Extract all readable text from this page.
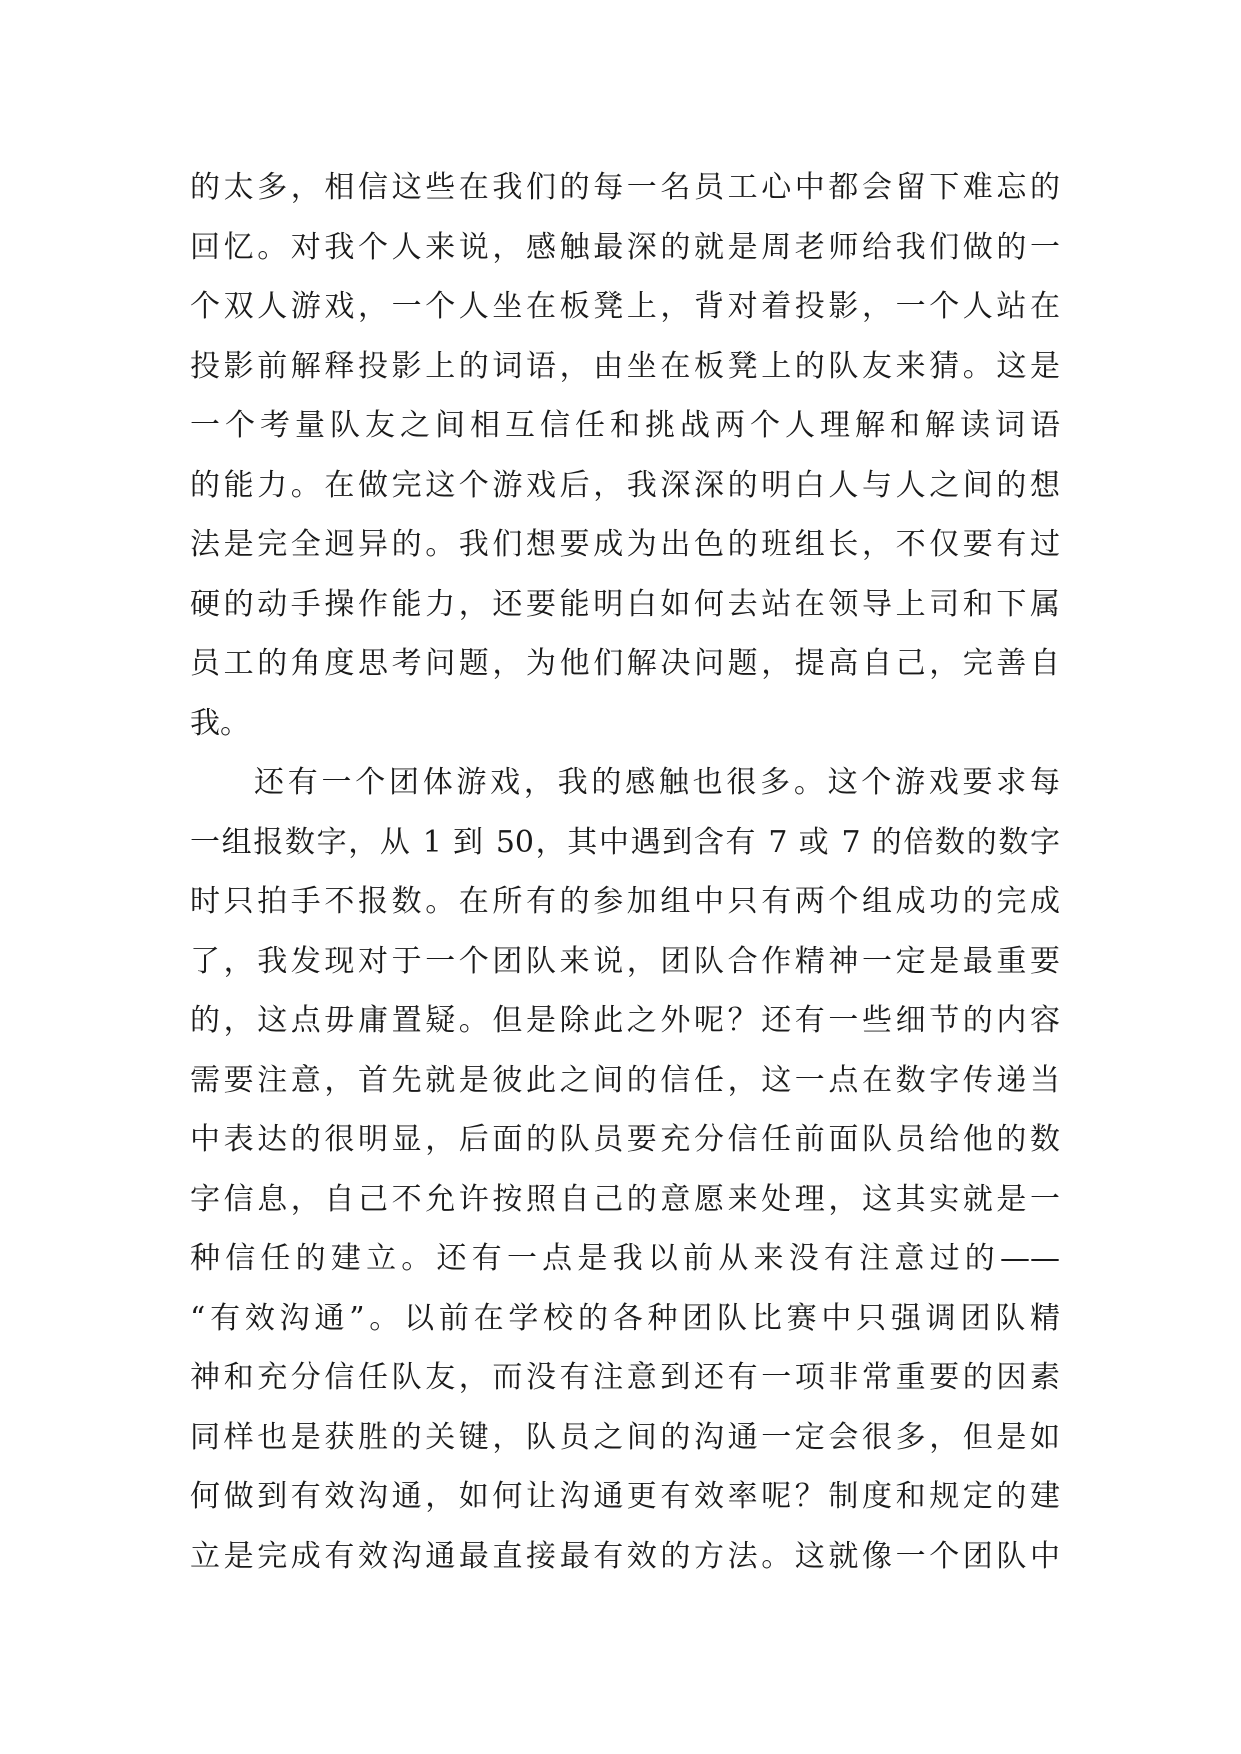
的太多，相信这些在我们的每一名员工心中都会留下难忘的
回忆。对我个人来说，感触最深的就是周老师给我们做的一
个双人游戏，一个人坐在板凳上，背对着投影，一个人站在
投影前解释投影上的词语，由坐在板凳上的队友来猜。这是
一个考量队友之间相互信任和挑战两个人理解和解读词语
的能力。在做完这个游戏后，我深深的明白人与人之间的想
法是完全迥异的。我们想要成为出色的班组长，不仅要有过
硬的动手操作能力，还要能明白如何去站在领导上司和下属
员工的角度思考问题，为他们解决问题，提高自己，完善自
我。
还有一个团体游戏，我的感触也很多。这个游戏要求每
一组报数字，从 1 到 50，其中遇到含有 7 或 7 的倍数的数字
时只拍手不报数。在所有的参加组中只有两个组成功的完成
了，我发现对于一个团队来说，团队合作精神一定是最重要
的，这点毋庸置疑。但是除此之外呢？还有一些细节的内容
需要注意，首先就是彼此之间的信任，这一点在数字传递当
中表达的很明显，后面的队员要充分信任前面队员给他的数
字信息，自己不允许按照自己的意愿来处理，这其实就是一
种信任的建立。还有一点是我以前从来没有注意过的——
“有效沟通”。以前在学校的各种团队比赛中只强调团队精
神和充分信任队友，而没有注意到还有一项非常重要的因素
同样也是获胜的关键，队员之间的沟通一定会很多，但是如
何做到有效沟通，如何让沟通更有效率呢？制度和规定的建
立是完成有效沟通最直接最有效的方法。这就像一个团队中
